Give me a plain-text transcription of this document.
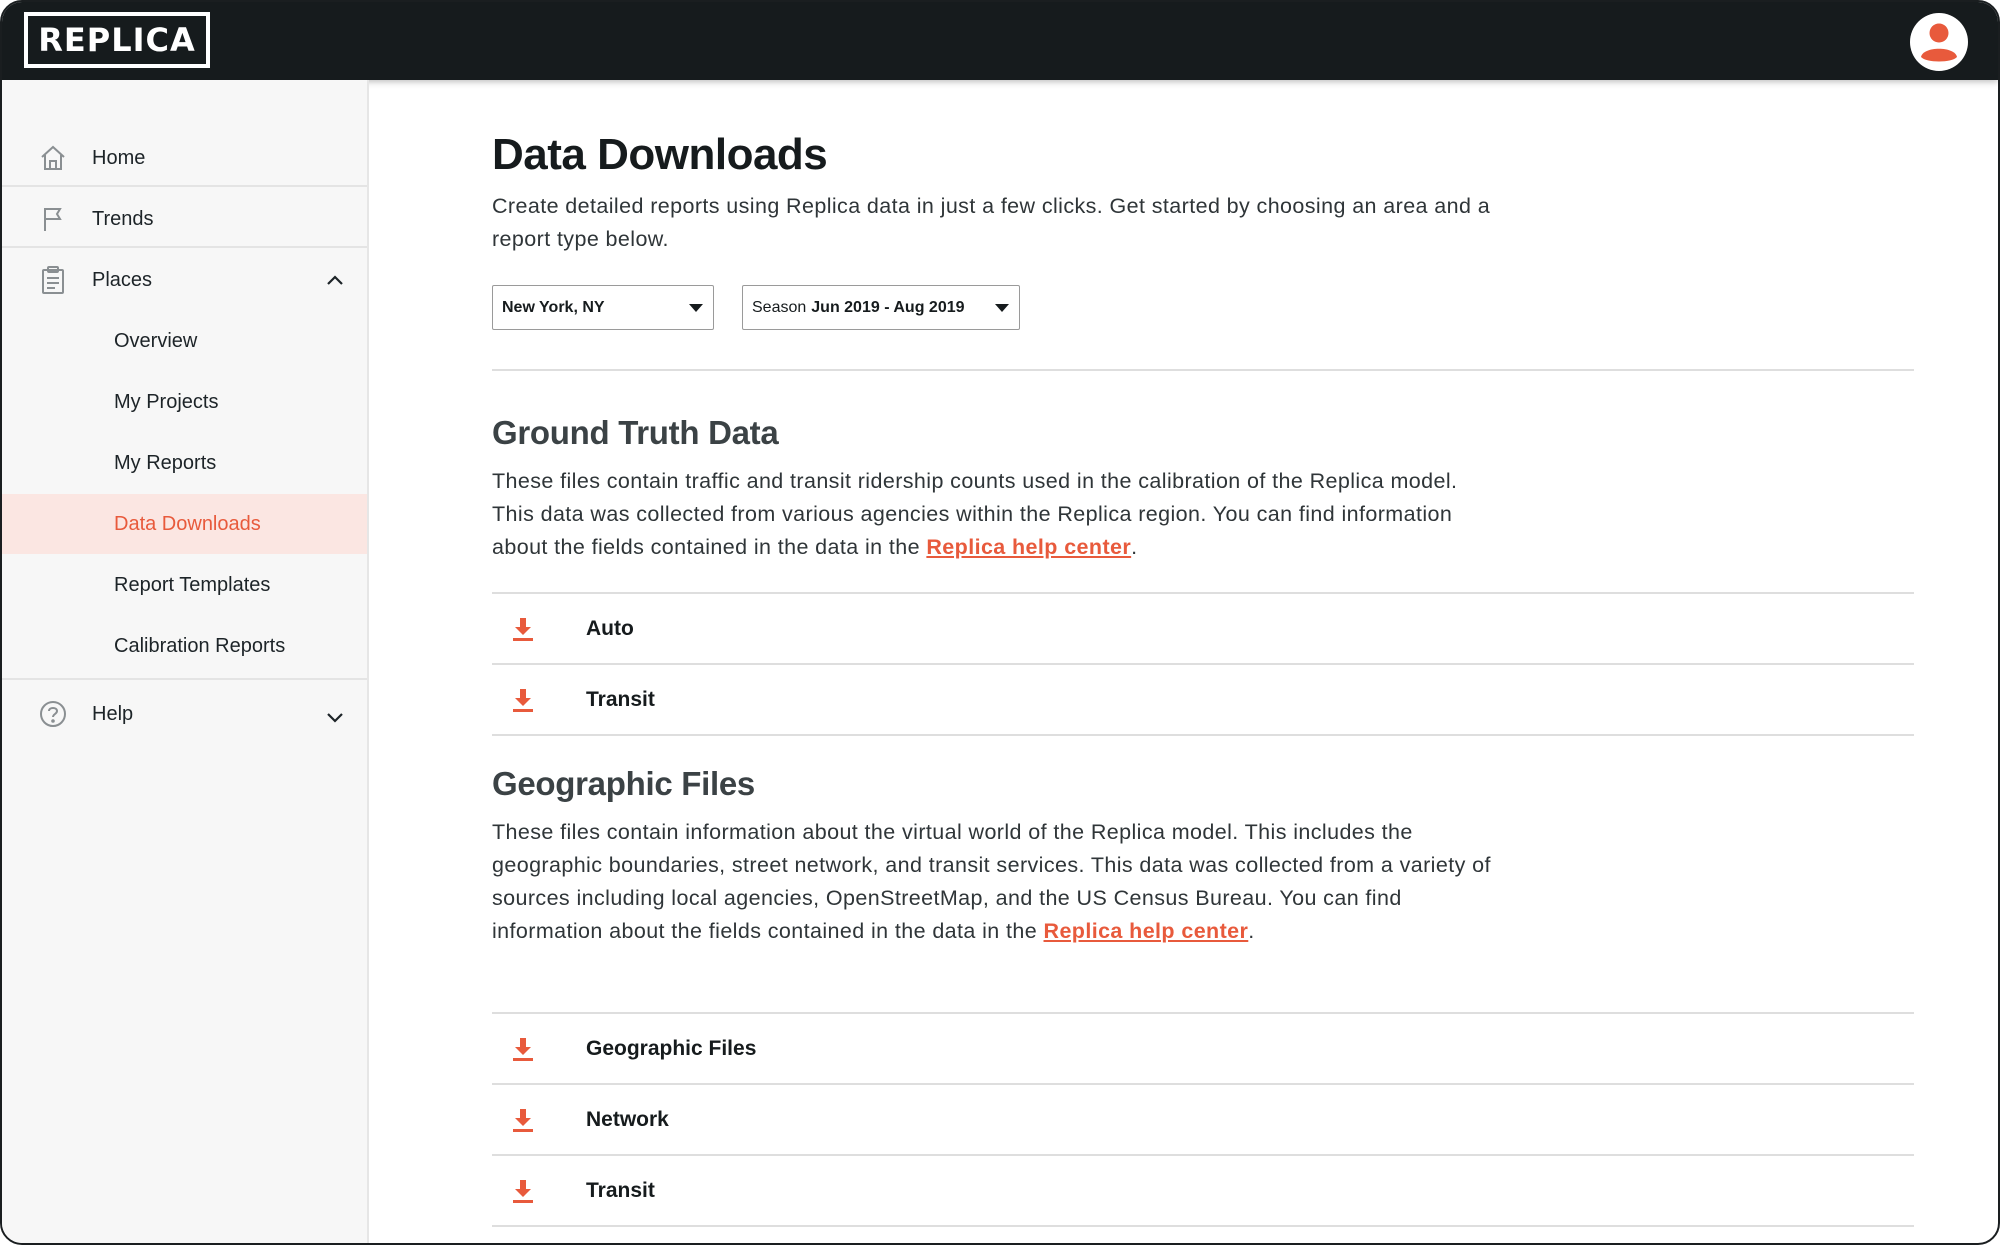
REPLICA
Home
Trends
Places
Overview
My Projects
My Reports
Data Downloads
Report Templates
Calibration Reports
Help
Data Downloads
Create detailed reports using Replica data in just a few clicks. Get started by choosing an area and a report type below.
New York, NY	Season Jun 2019 - Aug 2019
Ground Truth Data
These files contain traffic and transit ridership counts used in the calibration of the Replica model. This data was collected from various agencies within the Replica region. You can find information about the fields contained in the data in the Replica help center.
Auto
Transit
Geographic Files
These files contain information about the virtual world of the Replica model. This includes the geographic boundaries, street network, and transit services. This data was collected from a variety of sources including local agencies, OpenStreetMap, and the US Census Bureau. You can find information about the fields contained in the data in the Replica help center.
Geographic Files
Network
Transit
